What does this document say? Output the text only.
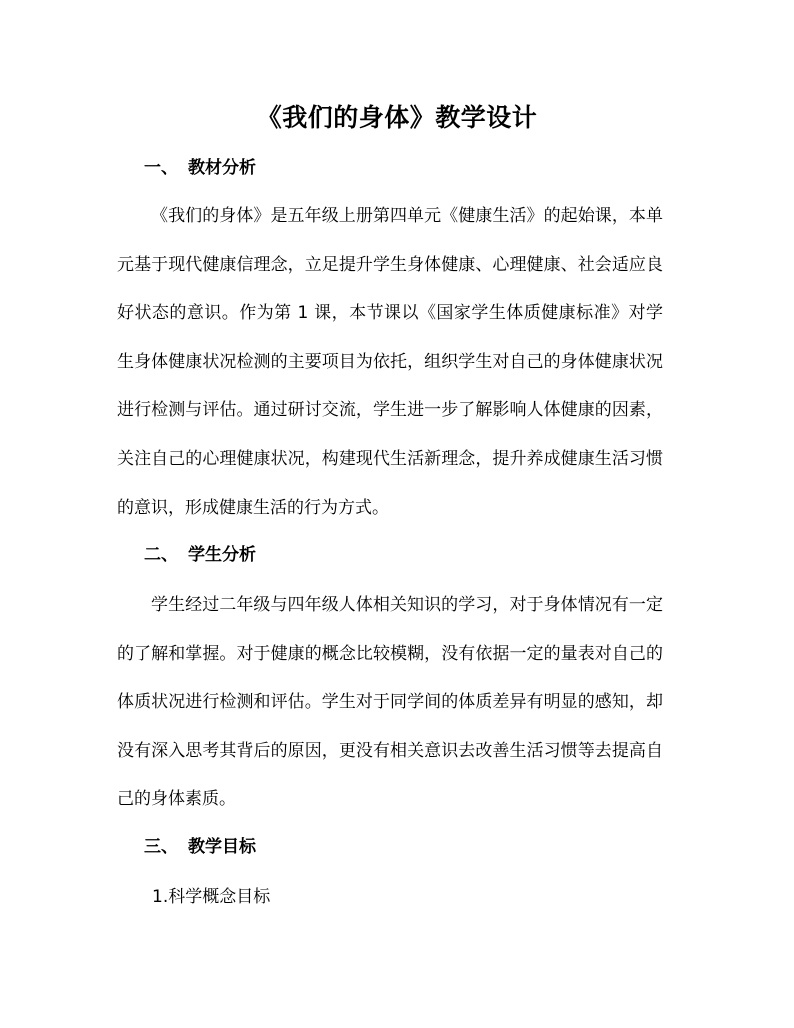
《我们的身体》教学设计
一、 教材分析

《我们的身体》是五年级上册第四单元《健康生活》的起始课，本单元基于现代健康信理念，立足提升学生身体健康、心理健康、社会适应良好状态的意识。作为第 1 课，本节课以《国家学生体质健康标准》对学生身体健康状况检测的主要项目为依托，组织学生对自己的身体健康状况进行检测与评估。通过研讨交流，学生进一步了解影响人体健康的因素，关注自己的心理健康状况，构建现代生活新理念，提升养成健康生活习惯的意识，形成健康生活的行为方式。

二、 学生分析

学生经过二年级与四年级人体相关知识的学习，对于身体情况有一定的了解和掌握。对于健康的概念比较模糊，没有依据一定的量表对自己的体质状况进行检测和评估。学生对于同学间的体质差异有明显的感知，却没有深入思考其背后的原因，更没有相关意识去改善生活习惯等去提高自己的身体素质。

三、 教学目标
1.科学概念目标
